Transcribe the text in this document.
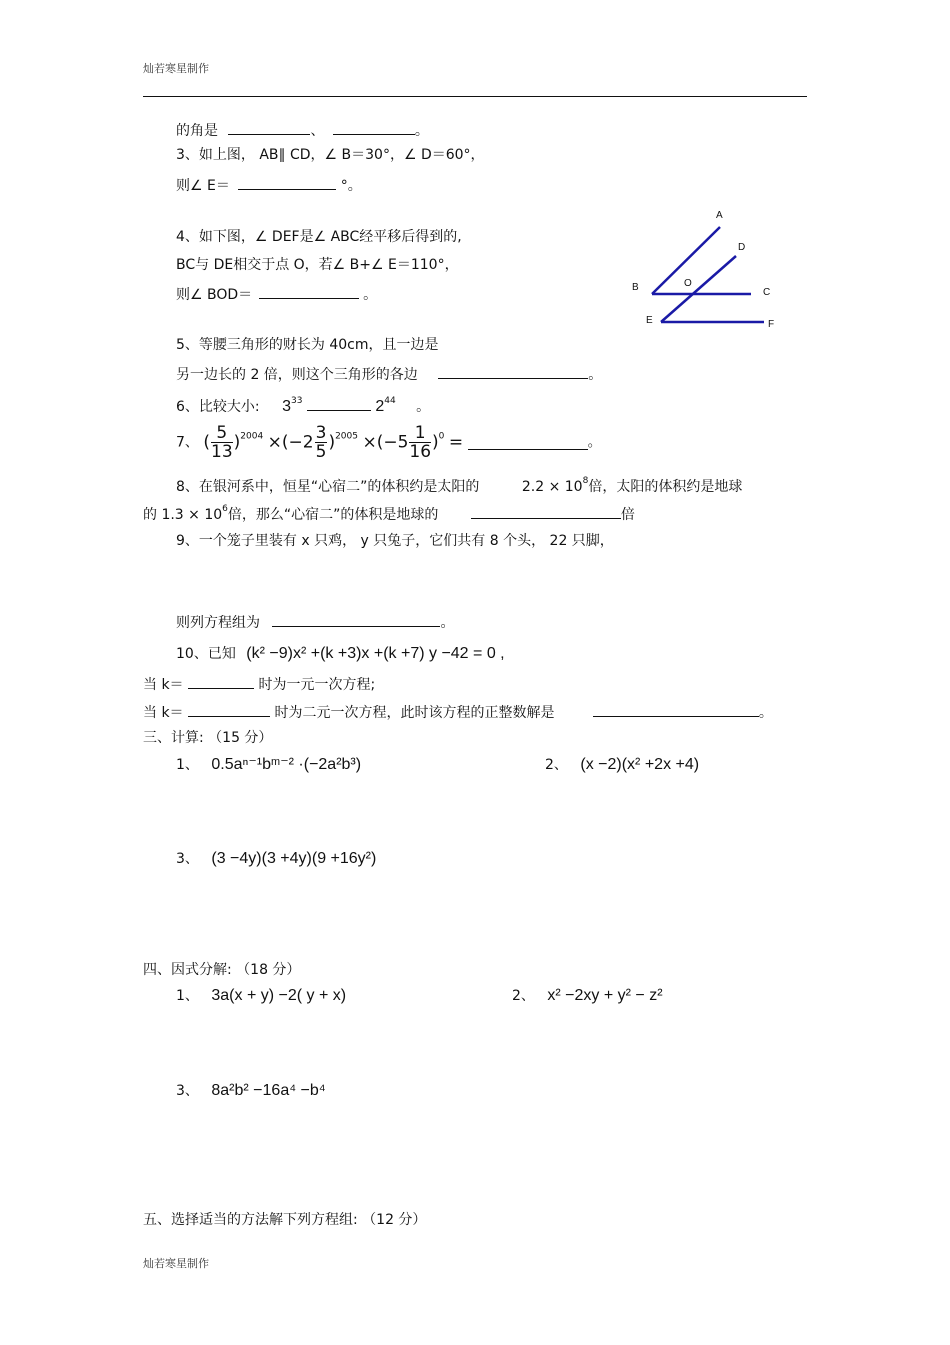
灿若寒星制作
的角是	、	。
3、如上图， AB∥ CD，∠ B＝30°，∠ D＝60°，
则∠ E＝	°。
4、如下图，∠ DEF是∠ ABC经平移后得到的,
BC与 DE相交于点 O，若∠ B+∠ E＝110°，
则∠ BOD＝	。
A
D
B	O
C
E	F
5、等腰三角形的财长为 40cm，且一边是
另一边长的 2 倍，则这个三角形的各边	。
6、比较大小: $3^{33}$	$2^{44}$ 。
7、 ( $\frac{5}{13} )^{2004} \times(-2 \frac{3}{5} )^{2005} \times(-5 \frac{1}{16} )^0$ =	。
8、在银河系中，恒星“心宿二”的体积约是太阳的	$2.2 \times 10^8$倍，太阳的体积约是地球
的 $1.3 \times 10^6$倍，那么“心宿二”的体积是地球的	倍
9、一个笼子里装有 x 只鸡， y 只兔子，它们共有 8 个头， 22 只脚，
则列方程组为	。
10、已知 (k² −9)x² +(k +3)x +(k +7) y −42 = 0 ,
当 k＝	时为一元一次方程;
当 k＝	时为二元一次方程，此时该方程的正整数解是	。
三、计算: （15 分）
1、 0.5aⁿ⁻¹bᵐ⁻² ·(−2a²b³)	2、 (x −2)(x² +2x +4)
3、 (3 −4y)(3 +4y)(9 +16y²)
四、因式分解: （18 分）
1、 3a(x + y) −2( y + x)	2、 x² −2xy + y² − z²
3、 8a²b² −16a⁴ −b⁴
五、选择适当的方法解下列方程组: （12 分）
灿若寒星制作
